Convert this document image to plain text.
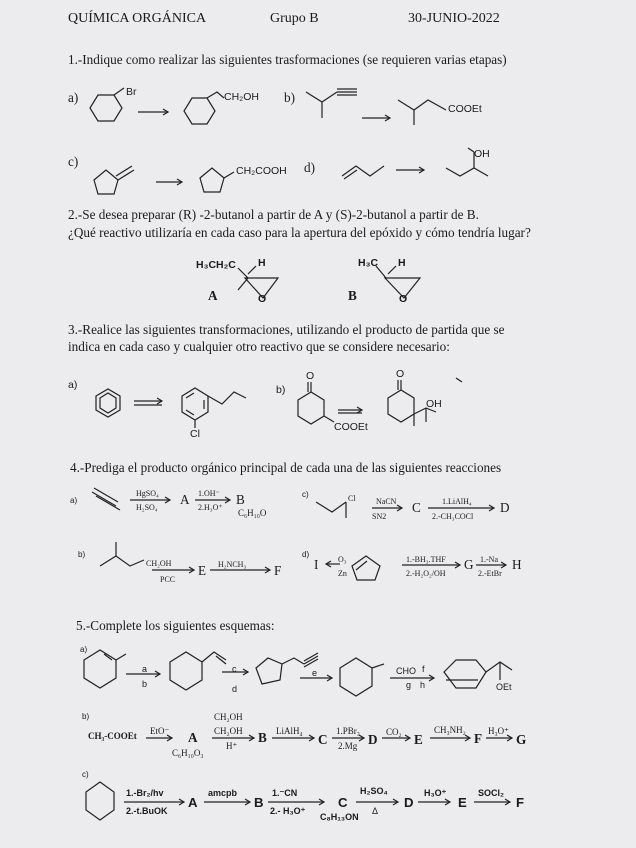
QUÍMICA ORGÁNICA	Grupo B	30-JUNIO-2022
1.-Indique como realizar las siguientes trasformaciones (se requieren varias etapas)
a)	Br	CH₂OH b)
COOEt
c)
CH₂COOH d)
OH
2.-Se desea preparar (R) -2-butanol a partir de A y (S)-2-butanol a partir de B.
¿Qué reactivo utilizaría en cada caso para la apertura del epóxido y cómo tendría lugar?
H₃CH₂C H
A	O
H₃C H
B	O
3.-Realice las siguientes transformaciones, utilizando el producto de partida que se
indica en cada caso y cualquier otro reactivo que se considere necesario:
a)
Cl
b)
O
COOEt
O
OH
4.-Prediga el producto orgánico principal de cada una de las siguientes reacciones
a)
HgSO₄
H₂SO₄
A 1.OH⁻
2.H₃O⁺
B
C₆H₁₀O
c)	Cl	NaCN
SN2
C	1.LiAlH₄
2.-CH₃COCl
D
b)
CH₂OH
PCC
E H₂NCH₃ F
d)
I O₃
Zn
1.-BH₃.THF
2.-H₂O₂/OH
G 1.-Na
2.-EtBr
H
5.-Complete los siguientes esquemas:
a)
a
b
c
d
e	CHO f
g h	OEt
b)
CH₃-COOEt EtO⁻ A
CH₂OH
CH₂OH
H⁺
C₆H₁₀O₃
B LiAlH₄
C
1.PBr₃
2.Mg D CO₂ E
CH₃NH₂
F H₃O⁺
G
c)
1.-Br₂/hv
2.-t.BuOK
A
amcpb
B
1.⁻CN
2.- H₃O⁺
C
C₈H₁₃ON
H₂SO₄
Δ
D
H₃O⁺
E
SOCl₂
F
